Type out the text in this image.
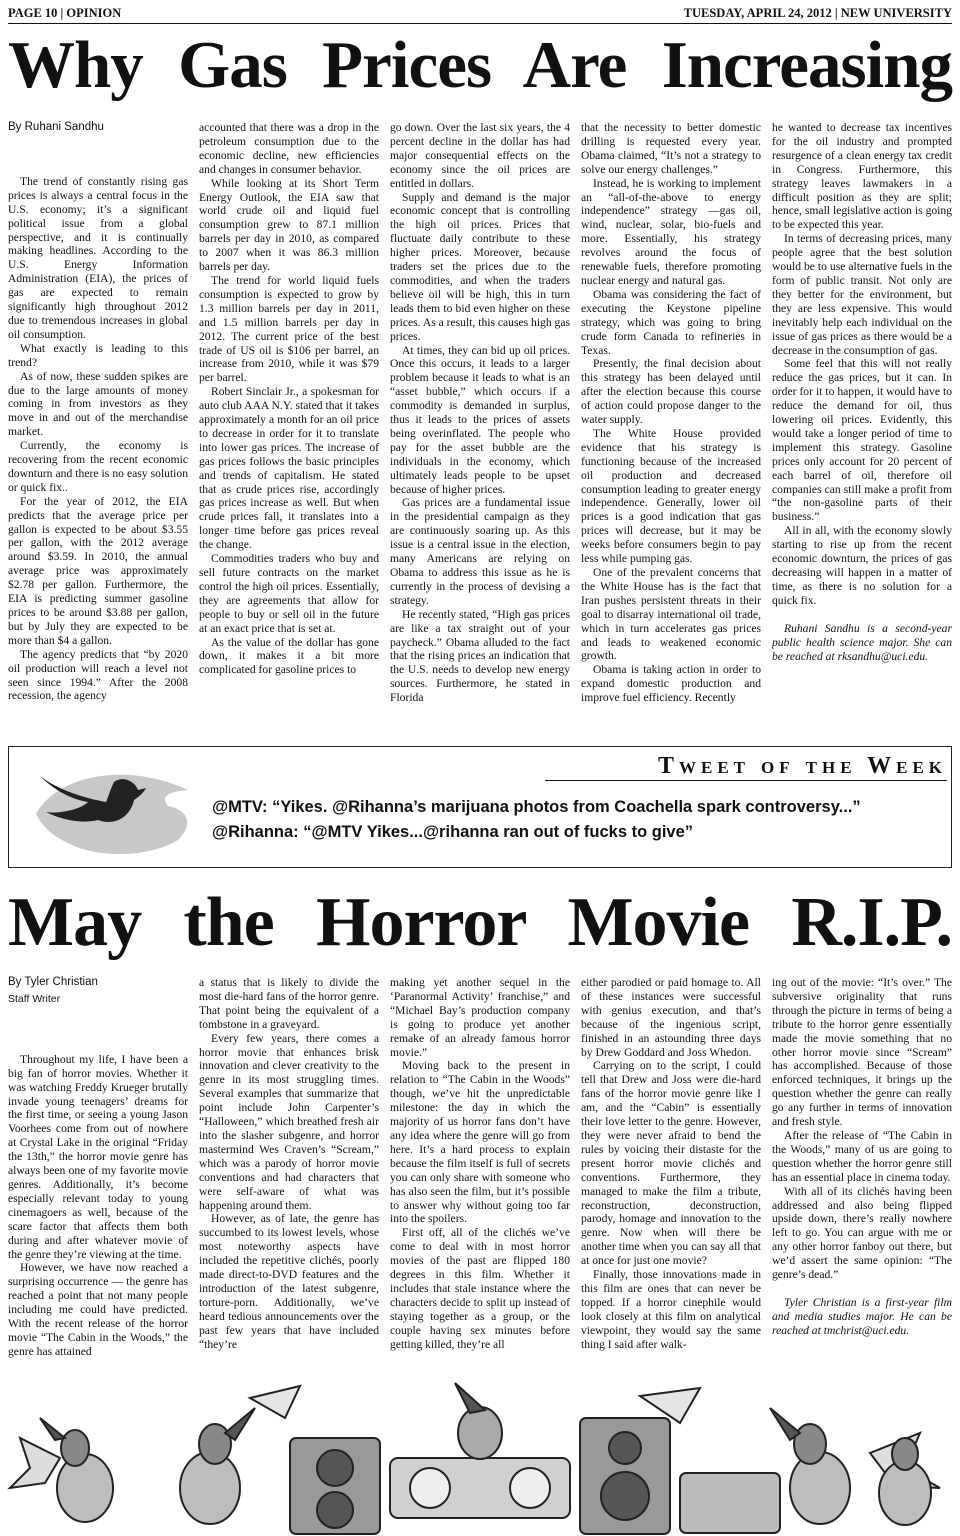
PAGE 10 | OPINION	TUESDAY, APRIL 24, 2012 | NEW UNIVERSITY
Why Gas Prices Are Increasing
By Ruhani Sandhu

The trend of constantly rising gas prices is always a central focus in the U.S. economy; it’s a significant political issue from a global perspective, and it is continually making headlines. According to the U.S. Energy Information Administration (EIA), the prices of gas are expected to remain significantly high throughout 2012 due to tremendous increases in global oil consumption.

What exactly is leading to this trend?

As of now, these sudden spikes are due to the large amounts of money coming in from investors as they move in and out of the merchandise market.

Currently, the economy is recovering from the recent economic downturn and there is no easy solution or quick fix..

For the year of 2012, the EIA predicts that the average price per gallon is expected to be about $3.55 per gallon, with the 2012 average around $3.59. In 2010, the annual average price was approximately $2.78 per gallon. Furthermore, the EIA is predicting summer gasoline prices to be around $3.88 per gallon, but by July they are expected to be more than $4 a gallon.

The agency predicts that “by 2020 oil production will reach a level not seen since 1994.” After the 2008 recession, the agency

accounted that there was a drop in the petroleum consumption due to the economic decline, new efficiencies and changes in consumer behavior.

While looking at its Short Term Energy Outlook, the EIA saw that world crude oil and liquid fuel consumption grew to 87.1 million barrels per day in 2010, as compared to 2007 when it was 86.3 million barrels per day.

The trend for world liquid fuels consumption is expected to grow by 1.3 million barrels per day in 2011, and 1.5 million barrels per day in 2012. The current price of the best trade of US oil is $106 per barrel, an increase from 2010, while it was $79 per barrel.

Robert Sinclair Jr., a spokesman for auto club AAA N.Y. stated that it takes approximately a month for an oil price to decrease in order for it to translate into lower gas prices. The increase of gas prices follows the basic principles and trends of capitalism. He stated that as crude prices rise, accordingly gas prices increase as well. But when crude prices fall, it translates into a longer time before gas prices reveal the change.

Commodities traders who buy and sell future contracts on the market control the high oil prices. Essentially, they are agreements that allow for people to buy or sell oil in the future at an exact price that is set at.

As the value of the dollar has gone down, it makes it a bit more complicated for gasoline prices to

go down. Over the last six years, the 4 percent decline in the dollar has had major consequential effects on the economy since the oil prices are entitled in dollars.

Supply and demand is the major economic concept that is controlling the high oil prices. Prices that fluctuate daily contribute to these higher prices. Moreover, because traders set the prices due to the commodities, and when the traders believe oil will be high, this in turn leads them to bid even higher on these prices. As a result, this causes high gas prices.

At times, they can bid up oil prices. Once this occurs, it leads to a larger problem because it leads to what is an “asset bubble,” which occurs if a commodity is demanded in surplus, thus it leads to the prices of assets being overinflated. The people who pay for the asset bubble are the individuals in the economy, which ultimately leads people to be upset because of higher prices.

Gas prices are a fundamental issue in the presidential campaign as they are continuously soaring up. As this issue is a central issue in the election, many Americans are relying on Obama to address this issue as he is currently in the process of devising a strategy.

He recently stated, “High gas prices are like a tax straight out of your paycheck.” Obama alluded to the fact that the rising prices an indication that the U.S. needs to develop new energy sources. Furthermore, he stated in Florida

that the necessity to better domestic drilling is requested every year. Obama claimed, “It’s not a strategy to solve our energy challenges.”

Instead, he is working to implement an “all-of-the-above to energy independence” strategy —gas oil, wind, nuclear, solar, bio-fuels and more. Essentially, his strategy revolves around the focus of renewable fuels, therefore promoting nuclear energy and natural gas.

Obama was considering the fact of executing the Keystone pipeline strategy, which was going to bring crude form Canada to refineries in Texas.

Presently, the final decision about this strategy has been delayed until after the election because this course of action could propose danger to the water supply.

The White House provided evidence that his strategy is functioning because of the increased oil production and decreased consumption leading to greater energy independence. Generally, lower oil prices is a good indication that gas prices will decrease, but it may be weeks before consumers begin to pay less while pumping gas.

One of the prevalent concerns that the White House has is the fact that Iran pushes persistent threats in their goal to disarray international oil trade, which in turn accelerates gas prices and leads to weakened economic growth.

Obama is taking action in order to expand domestic production and improve fuel efficiency. Recently

he wanted to decrease tax incentives for the oil industry and prompted resurgence of a clean energy tax credit in Congress. Furthermore, this strategy leaves lawmakers in a difficult position as they are split; hence, small legislative action is going to be expected this year.

In terms of decreasing prices, many people agree that the best solution would be to use alternative fuels in the form of public transit. Not only are they better for the environment, but they are less expensive. This would inevitably help each individual on the issue of gas prices as there would be a decrease in the consumption of gas.

Some feel that this will not really reduce the gas prices, but it can. In order for it to happen, it would have to reduce the demand for oil, thus lowering oil prices. Evidently, this would take a longer period of time to implement this strategy. Gasoline prices only account for 20 percent of each barrel of oil, therefore oil companies can still make a profit from “the non-gasoline parts of their business.”

All in all, with the economy slowly starting to rise up from the recent economic downturn, the prices of gas decreasing will happen in a matter of time, as there is no solution for a quick fix.

Ruhani Sandhu is a second-year public health science major. She can be reached at rksandhu@uci.edu.

Tweet of the Week
@MTV: “Yikes. @Rihanna’s marijuana photos from Coachella spark controversy...”
@Rihanna: “@MTV Yikes...@rihanna ran out of fucks to give”
May the Horror Movie R.I.P.
By Tyler Christian
Staff Writer

Throughout my life, I have been a big fan of horror movies. Whether it was watching Freddy Krueger brutally invade young teenagers’ dreams for the first time, or seeing a young Jason Voorhees come from out of nowhere at Crystal Lake in the original “Friday the 13th,” the horror movie genre has always been one of my favorite movie genres. Additionally, it’s become especially relevant today to young cinemagoers as well, because of the scare factor that affects them both during and after whatever movie of the genre they’re viewing at the time.

However, we have now reached a surprising occurrence — the genre has reached a point that not many people including me could have predicted. With the recent release of the horror movie “The Cabin in the Woods,” the genre has attained

a status that is likely to divide the most die-hard fans of the horror genre. That point being the equivalent of a tombstone in a graveyard.

Every few years, there comes a horror movie that enhances brisk innovation and clever creativity to the genre in its most struggling times. Several examples that summarize that point include John Carpenter’s “Halloween,” which breathed fresh air into the slasher subgenre, and horror mastermind Wes Craven’s “Scream,” which was a parody of horror movie conventions and had characters that were self-aware of what was happening around them.

However, as of late, the genre has succumbed to its lowest levels, whose most noteworthy aspects have included the repetitive clichés, poorly made direct-to-DVD features and the introduction of the latest subgenre, torture-porn. Additionally, we’ve heard tedious announcements over the past few years that have included “they’re

making yet another sequel in the ‘Paranormal Activity’ franchise,” and “Michael Bay’s production company is going to produce yet another remake of an already famous horror movie.”

Moving back to the present in relation to “The Cabin in the Woods” though, we’ve hit the unpredictable milestone: the day in which the majority of us horror fans don’t have any idea where the genre will go from here. It’s a hard process to explain because the film itself is full of secrets you can only share with someone who has also seen the film, but it’s possible to answer why without going too far into the spoilers.

First off, all of the clichés we’ve come to deal with in most horror movies of the past are flipped 180 degrees in this film. Whether it includes that stale instance where the characters decide to split up instead of staying together as a group, or the couple having sex minutes before getting killed, they’re all

either parodied or paid homage to. All of these instances were successful with genius execution, and that’s because of the ingenious script, finished in an astounding three days by Drew Goddard and Joss Whedon.

Carrying on to the script, I could tell that Drew and Joss were die-hard fans of the horror movie genre like I am, and the “Cabin” is essentially their love letter to the genre. However, they were never afraid to bend the rules by voicing their distaste for the present horror movie clichés and conventions. Furthermore, they managed to make the film a tribute, reconstruction, deconstruction, parody, homage and innovation to the genre. Now when will there be another time when you can say all that at once for just one movie?

Finally, those innovations made in this film are ones that can never be topped. If a horror cinephile would look closely at this film on analytical viewpoint, they would say the same thing I said after walk-

ing out of the movie: “It’s over.” The subversive originality that runs through the picture in terms of being a tribute to the horror genre essentially made the movie something that no other horror movie since “Scream” has accomplished. Because of those enforced techniques, it brings up the question whether the genre can really go any further in terms of innovation and fresh style.

After the release of “The Cabin in the Woods,” many of us are going to question whether the horror genre still has an essential place in cinema today.

With all of its clichés having been addressed and also being flipped upside down, there’s really nowhere left to go. You can argue with me or any other horror fanboy out there, but we’d assert the same opinion: “The genre’s dead.”

Tyler Christian is a first-year film and media studies major. He can be reached at tmchrist@uci.edu.
